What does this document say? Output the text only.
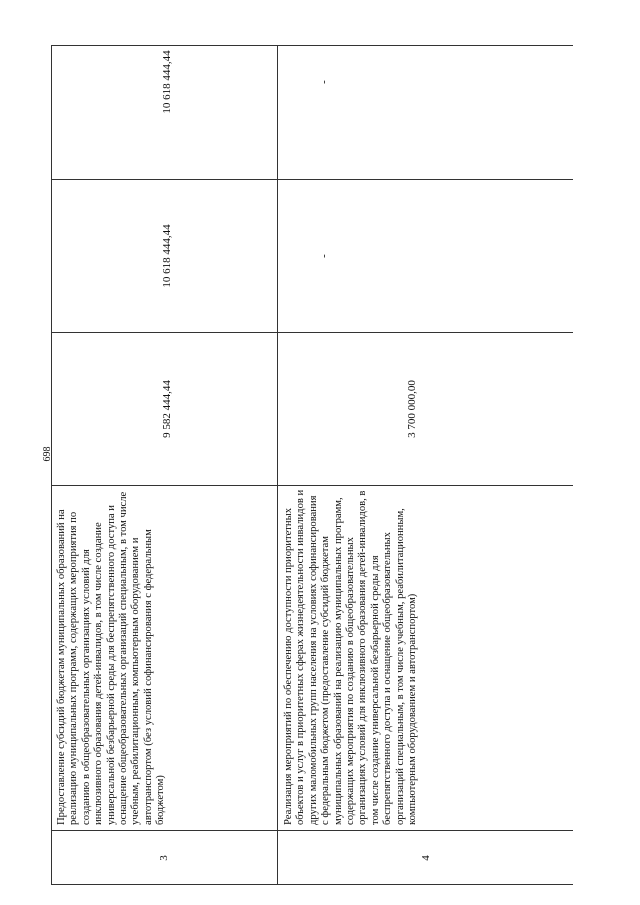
698
3
Предоставление субсидий бюджетам муниципальных образований на реализацию муниципальных программ, содержащих мероприятия по созданию в общеобразовательных организациях условий для инклюзивного образования детей-инвалидов, в том числе создание универсальной безбарьерной среды для беспрепятственного доступа и оснащение общеобразовательных организаций специальным, в том числе учебным, реабилитационным, компьютерным оборудованием и автотранспортом (без условий софинансирования с федеральным бюджетом)
9 582 444,44
10 618 444,44
10 618 444,44
4
Реализация мероприятий по обеспечению доступности приоритетных объектов и услуг в приоритетных сферах жизнедеятельности инвалидов и других маломобильных групп населения на условиях софинансирования с федеральным бюджетом (предоставление субсидий бюджетам муниципальных образований на реализацию муниципальных программ, содержащих мероприятия по созданию в общеобразовательных организациях условий для инклюзивного образования детей-инвалидов, в том числе создание универсальной безбарьерной среды для беспрепятственного доступа и оснащение общеобразовательных организаций специальным, в том числе учебным, реабилитационным, компьютерным оборудованием и автотранспортом)
3 700 000,00
-
-
